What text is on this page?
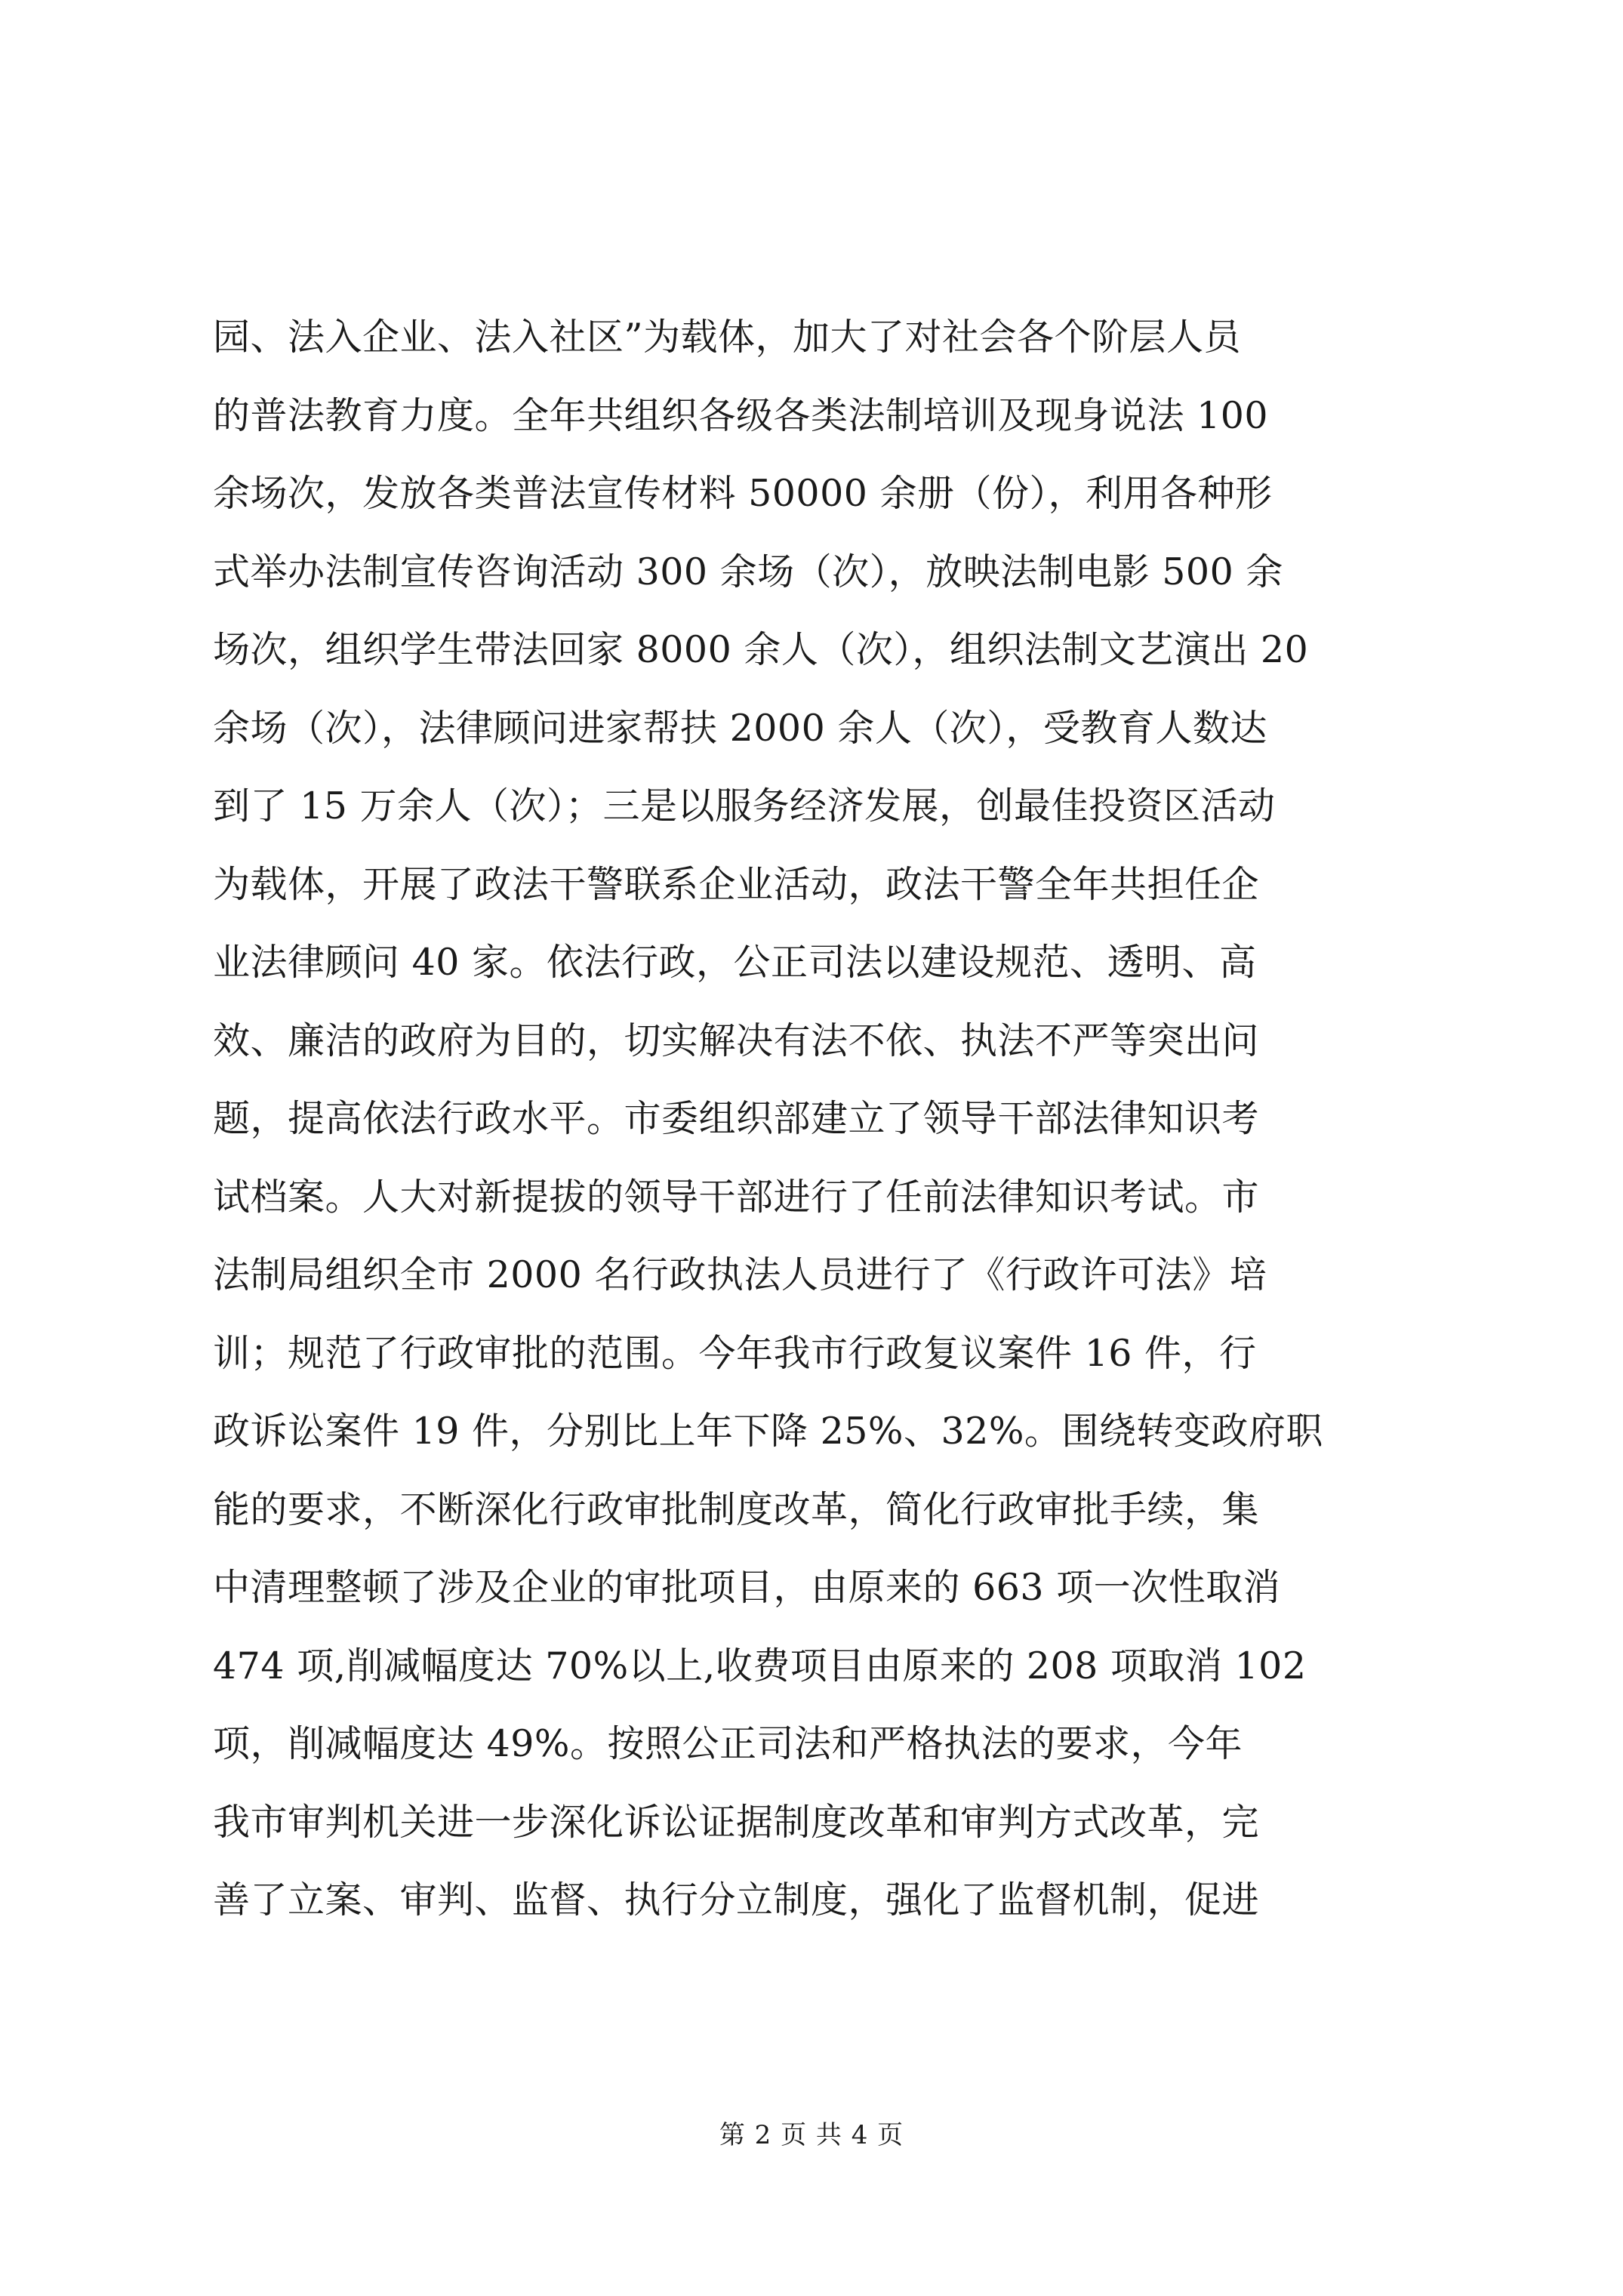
园、法入企业、法入社区”为载体，加大了对社会各个阶层人员
的普法教育力度。全年共组织各级各类法制培训及现身说法 100
余场次，发放各类普法宣传材料 50000 余册（份），利用各种形
式举办法制宣传咨询活动 300 余场（次），放映法制电影 500 余
场次，组织学生带法回家 8000 余人（次），组织法制文艺演出 20
余场（次），法律顾问进家帮扶 2000 余人（次），受教育人数达
到了 15 万余人（次）；三是以服务经济发展，创最佳投资区活动
为载体，开展了政法干警联系企业活动，政法干警全年共担任企
业法律顾问 40 家。依法行政，公正司法以建设规范、透明、高
效、廉洁的政府为目的，切实解决有法不依、执法不严等突出问
题，提高依法行政水平。市委组织部建立了领导干部法律知识考
试档案。人大对新提拔的领导干部进行了任前法律知识考试。市
法制局组织全市 2000 名行政执法人员进行了《行政许可法》培
训；规范了行政审批的范围。今年我市行政复议案件 16 件，行
政诉讼案件 19 件，分别比上年下降 25%、32%。围绕转变政府职
能的要求，不断深化行政审批制度改革，简化行政审批手续，集
中清理整顿了涉及企业的审批项目，由原来的 663 项一次性取消
474 项,削减幅度达 70%以上,收费项目由原来的 208 项取消 102
项，削减幅度达 49%。按照公正司法和严格执法的要求，今年
我市审判机关进一步深化诉讼证据制度改革和审判方式改革，完
善了立案、审判、监督、执行分立制度，强化了监督机制，促进
第 2 页 共 4 页
